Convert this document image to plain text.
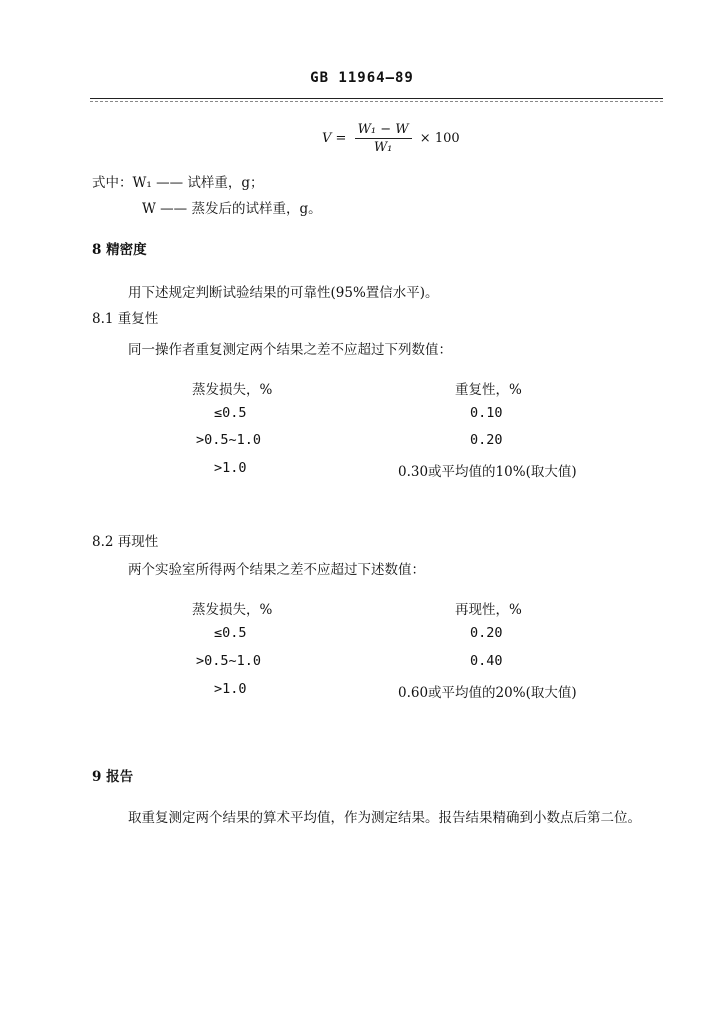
GB 11964—89
$V = \frac{\text{W₁ − W}}{\text{W₁}} \times 100$
式中：W₁ —— 试样重，g；
W —— 蒸发后的试样重，g。
8 精密度
用下述规定判断试验结果的可靠性(95%置信水平)。
8.1 重复性
同一操作者重复测定两个结果之差不应超过下列数值：
蒸发损失，%	重复性，%
≤0.5	0.10
>0.5~1.0	0.20
>1.0	0.30或平均值的10%(取大值)
8.2 再现性
两个实验室所得两个结果之差不应超过下述数值：
蒸发损失，%	再现性，%
≤0.5	0.20
>0.5~1.0	0.40
>1.0	0.60或平均值的20%(取大值)
9 报告
取重复测定两个结果的算术平均值，作为测定结果。报告结果精确到小数点后第二位。
